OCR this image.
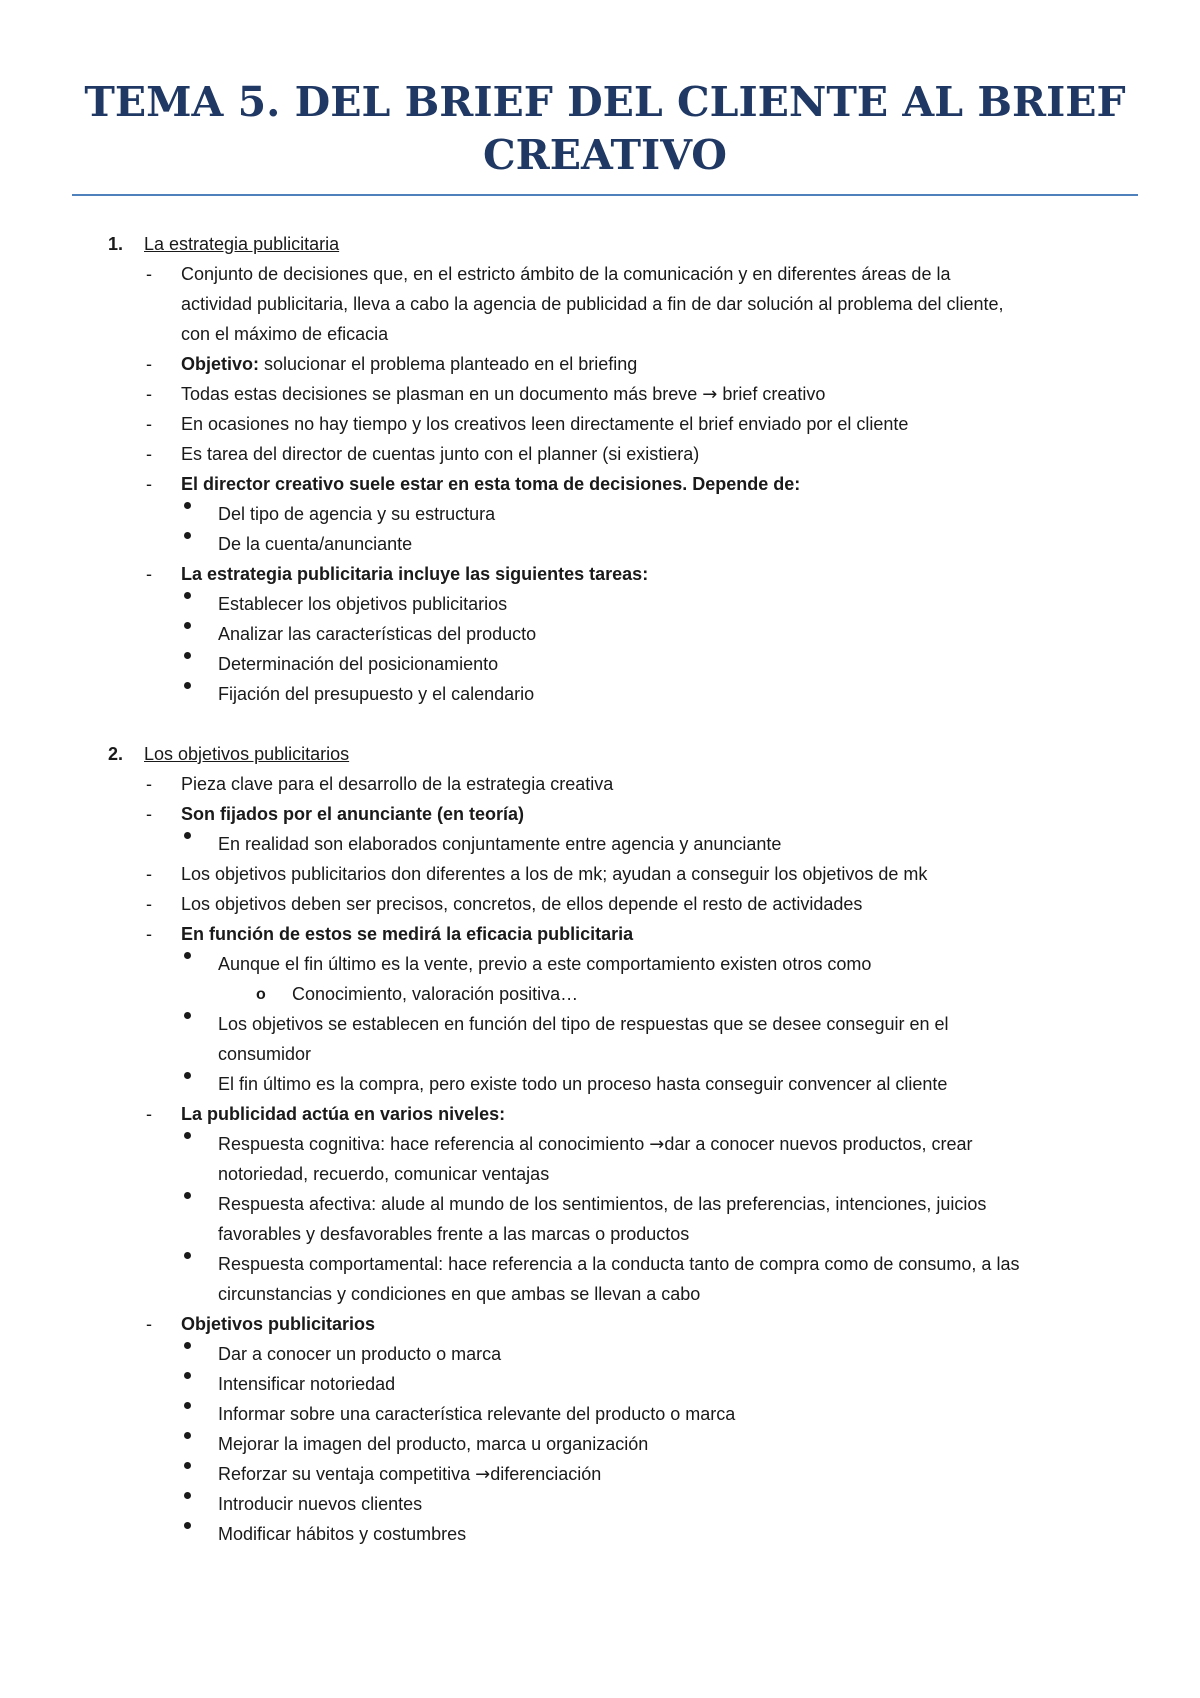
TEMA 5. DEL BRIEF DEL CLIENTE AL BRIEF CREATIVO
1. La estrategia publicitaria
- Conjunto de decisiones que, en el estricto ámbito de la comunicación y en diferentes áreas de la
actividad publicitaria, lleva a cabo la agencia de publicidad a fin de dar solución al problema del cliente,
con el máximo de eficacia
- Objetivo: solucionar el problema planteado en el briefing
- Todas estas decisiones se plasman en un documento más breve → brief creativo
- En ocasiones no hay tiempo y los creativos leen directamente el brief enviado por el cliente
- Es tarea del director de cuentas junto con el planner (si existiera)
- El director creativo suele estar en esta toma de decisiones. Depende de:
Del tipo de agencia y su estructura
De la cuenta/anunciante
- La estrategia publicitaria incluye las siguientes tareas:
Establecer los objetivos publicitarios
Analizar las características del producto
Determinación del posicionamiento
Fijación del presupuesto y el calendario
2. Los objetivos publicitarios
- Pieza clave para el desarrollo de la estrategia creativa
- Son fijados por el anunciante (en teoría)
En realidad son elaborados conjuntamente entre agencia y anunciante
- Los objetivos publicitarios don diferentes a los de mk; ayudan a conseguir los objetivos de mk
- Los objetivos deben ser precisos, concretos, de ellos depende el resto de actividades
- En función de estos se medirá la eficacia publicitaria
Aunque el fin último es la vente, previo a este comportamiento existen otros como
o Conocimiento, valoración positiva…
Los objetivos se establecen en función del tipo de respuestas que se desee conseguir en el
consumidor
El fin último es la compra, pero existe todo un proceso hasta conseguir convencer al cliente
- La publicidad actúa en varios niveles:
Respuesta cognitiva: hace referencia al conocimiento →dar a conocer nuevos productos, crear
notoriedad, recuerdo, comunicar ventajas
Respuesta afectiva: alude al mundo de los sentimientos, de las preferencias, intenciones, juicios
favorables y desfavorables frente a las marcas o productos
Respuesta comportamental: hace referencia a la conducta tanto de compra como de consumo, a las
circunstancias y condiciones en que ambas se llevan a cabo
- Objetivos publicitarios
Dar a conocer un producto o marca
Intensificar notoriedad
Informar sobre una característica relevante del producto o marca
Mejorar la imagen del producto, marca u organización
Reforzar su ventaja competitiva →diferenciación
Introducir nuevos clientes
Modificar hábitos y costumbres
